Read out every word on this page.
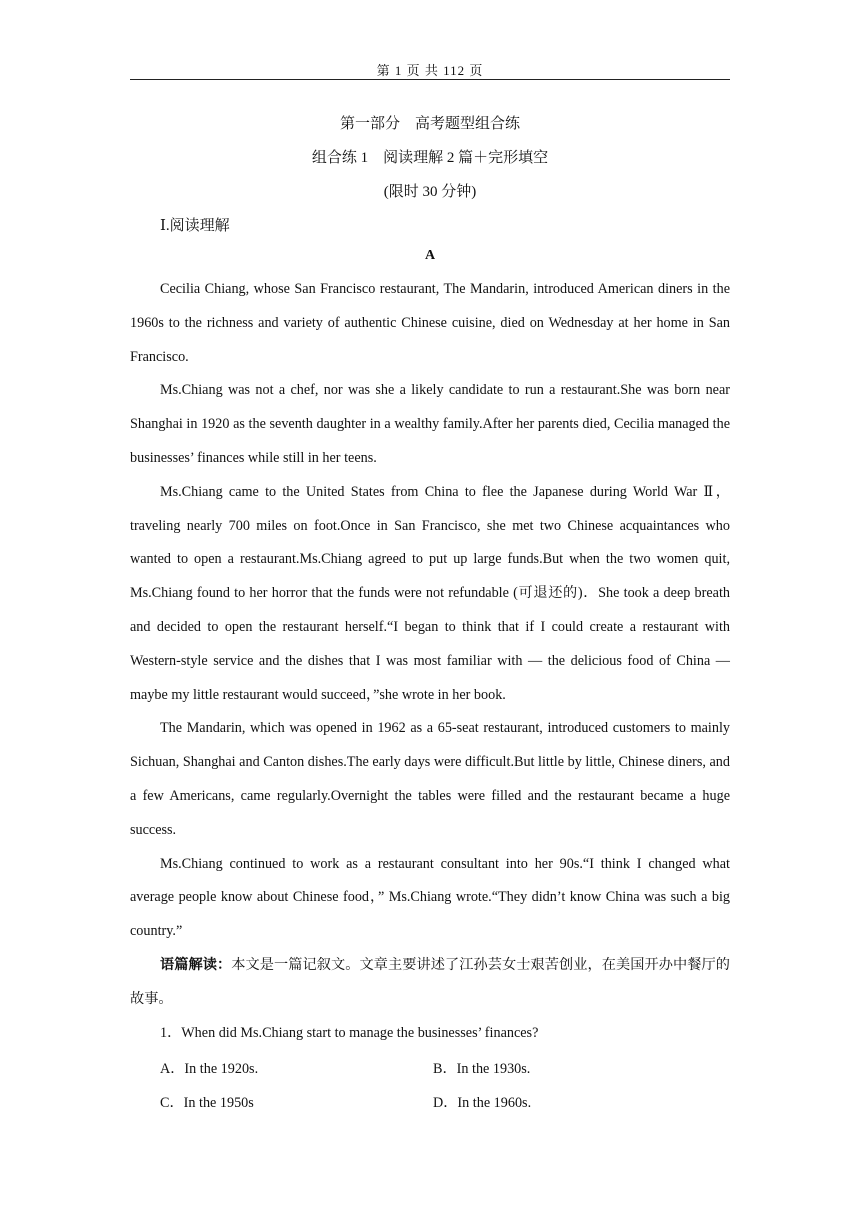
第 1 页 共 112 页
第一部分　高考题型组合练
组合练 1　阅读理解 2 篇＋完形填空
(限时 30 分钟)
Ⅰ.阅读理解
A

Cecilia Chiang, whose San Francisco restaurant, The Mandarin, introduced American diners in the 1960s to the richness and variety of authentic Chinese cuisine, died on Wednesday at her home in San Francisco.

Ms.Chiang was not a chef, nor was she a likely candidate to run a restaurant.She was born near Shanghai in 1920 as the seventh daughter in a wealthy family.After her parents died, Cecilia managed the businesses’ finances while still in her teens.

Ms.Chiang came to the United States from China to flee the Japanese during World War Ⅱ，traveling nearly 700 miles on foot.Once in San Francisco, she met two Chinese acquaintances who wanted to open a restaurant.Ms.Chiang agreed to put up large funds.But when the two women quit, Ms.Chiang found to her horror that the funds were not refundable (可退还的)．She took a deep breath and decided to open the restaurant herself.“I began to think that if I could create a restaurant with Western-style service and the dishes that I was most familiar with — the delicious food of China — maybe my little restaurant would succeed，”she wrote in her book.

The Mandarin, which was opened in 1962 as a 65-seat restaurant, introduced customers to mainly Sichuan, Shanghai and Canton dishes.The early days were difficult.But little by little, Chinese diners, and a few Americans, came regularly.Overnight the tables were filled and the restaurant became a huge success.

Ms.Chiang continued to work as a restaurant consultant into her 90s.“I think I changed what average people know about Chinese food，” Ms.Chiang wrote.“They didn’t know China was such a big country.”

语篇解读：本文是一篇记叙文。文章主要讲述了江孙芸女士艰苦创业，在美国开办中餐厅的故事。

1．When did Ms.Chiang start to manage the businesses’ finances?

A．In the 1920s.	B．In the 1930s.
C．In the 1950s	D．In the 1960s.
